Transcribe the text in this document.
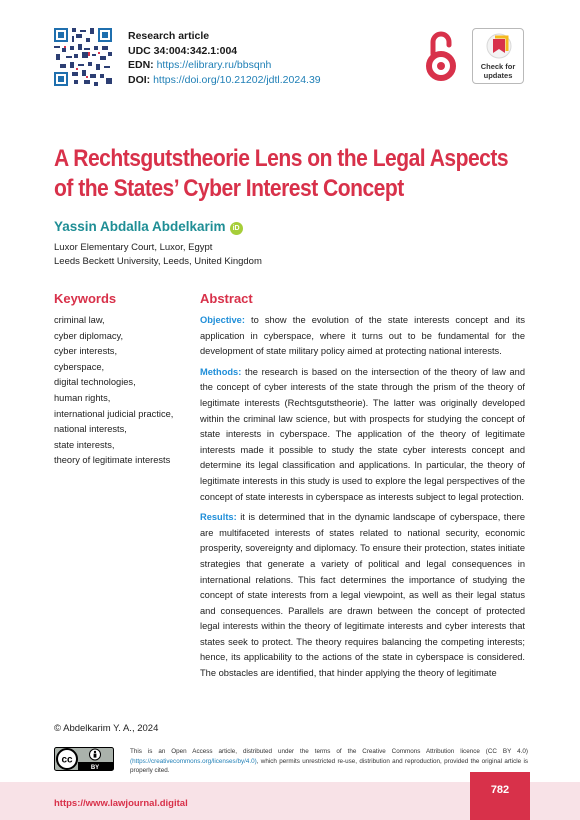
Research article
UDC 34:004:342.1:004
EDN: https://elibrary.ru/bbsqnh
DOI: https://doi.org/10.21202/jdtl.2024.39
Check for
updates
A Rechtsgutstheorie Lens on the Legal Aspects
of the States’ Cyber Interest Concept
Yassin Abdalla Abdelkarim iD
Luxor Elementary Court, Luxor, Egypt
Leeds Beckett University, Leeds, United Kingdom
Keywords
criminal law,
cyber diplomacy,
cyber interests,
cyberspace,
digital technologies,
human rights,
international judicial practice,
national interests,
state interests,
theory of legitimate interests
Abstract

Objective: to show the evolution of the state interests concept and its application in cyberspace, where it turns out to be fundamental for the development of state military policy aimed at protecting national interests.

Methods: the research is based on the intersection of the theory of law and the concept of cyber interests of the state through the prism of the theory of legitimate interests (Rechtsgutstheorie). The latter was originally developed within the criminal law science, but with prospects for studying the concept of state interests in cyberspace. The application of the theory of legitimate interests made it possible to study the state cyber interests concept and determine its legal classification and applications. In particular, the theory of legitimate interests in this study is used to explore the legal perspectives of the concept of state interests in cyberspace as interests subject to legal protection.

Results: it is determined that in the dynamic landscape of cyberspace, there are multifaceted interests of states related to national security, economic prosperity, sovereignty and diplomacy. To ensure their protection, states initiate strategies that generate a variety of political and legal consequences in international relations. This fact determines the importance of studying the concept of state interests from a legal viewpoint, as well as their legal status and consequences. Parallels are drawn between the concept of protected legal interests within the theory of legitimate interests and cyber interests that states seek to protect. The theory requires balancing the competing interests; hence, its applicability to the actions of the state in cyberspace is considered. The obstacles are identified, that hinder applying the theory of legitimate

© Abdelkarim Y. A., 2024
cc
BY
This is an Open Access article, distributed under the terms of the Creative Commons Attribution licence (CC BY 4.0) (https://creativecommons.org/licenses/by/4.0), which permits unrestricted re-use, distribution and reproduction, provided the original article is properly cited.
https://www.lawjournal.digital
782
